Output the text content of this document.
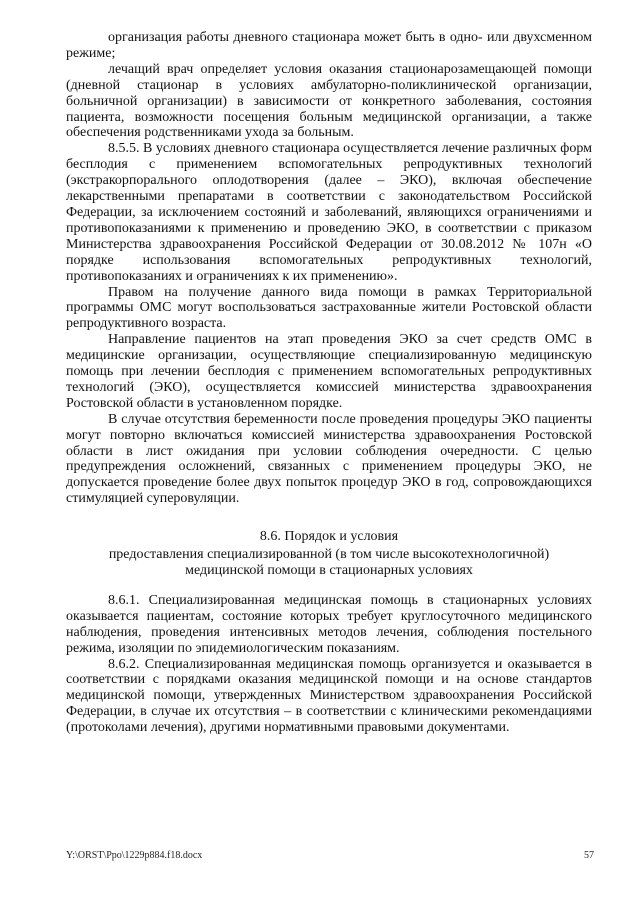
организация работы дневного стационара может быть в одно- или двухсменном режиме;

лечащий врач определяет условия оказания стационарозамещающей помощи (дневной стационар в условиях амбулаторно-поликлинической организации, больничной организации) в зависимости от конкретного заболевания, состояния пациента, возможности посещения больным медицинской организации, а также обеспечения родственниками ухода за больным.

8.5.5. В условиях дневного стационара осуществляется лечение различных форм бесплодия с применением вспомогательных репродуктивных технологий (экстракорпорального оплодотворения (далее – ЭКО), включая обеспечение лекарственными препаратами в соответствии с законодательством Российской Федерации, за исключением состояний и заболеваний, являющихся ограничениями и противопоказаниями к применению и проведению ЭКО, в соответствии с приказом Министерства здравоохранения Российской Федерации от 30.08.2012 № 107н «О порядке использования вспомогательных репродуктивных технологий, противопоказаниях и ограничениях к их применению».

Правом на получение данного вида помощи в рамках Территориальной программы ОМС могут воспользоваться застрахованные жители Ростовской области репродуктивного возраста.

Направление пациентов на этап проведения ЭКО за счет средств ОМС в медицинские организации, осуществляющие специализированную медицинскую помощь при лечении бесплодия с применением вспомогательных репродуктивных технологий (ЭКО), осуществляется комиссией министерства здравоохранения Ростовской области в установленном порядке.

В случае отсутствия беременности после проведения процедуры ЭКО пациенты могут повторно включаться комиссией министерства здравоохранения Ростовской области в лист ожидания при условии соблюдения очередности. С целью предупреждения осложнений, связанных с применением процедуры ЭКО, не допускается проведение более двух попыток процедур ЭКО в год, сопровождающихся стимуляцией суперовуляции.

8.6. Порядок и условия
предоставления специализированной (в том числе высокотехнологичной)
медицинской помощи в стационарных условиях

8.6.1. Специализированная медицинская помощь в стационарных условиях оказывается пациентам, состояние которых требует круглосуточного медицинского наблюдения, проведения интенсивных методов лечения, соблюдения постельного режима, изоляции по эпидемиологическим показаниям.

8.6.2. Специализированная медицинская помощь организуется и оказывается в соответствии с порядками оказания медицинской помощи и на основе стандартов медицинской помощи, утвержденных Министерством здравоохранения Российской Федерации, в случае их отсутствия – в соответствии с клиническими рекомендациями (протоколами лечения), другими нормативными правовыми документами.

Y:\ORST\Ppo\1229p884.f18.docx	57
